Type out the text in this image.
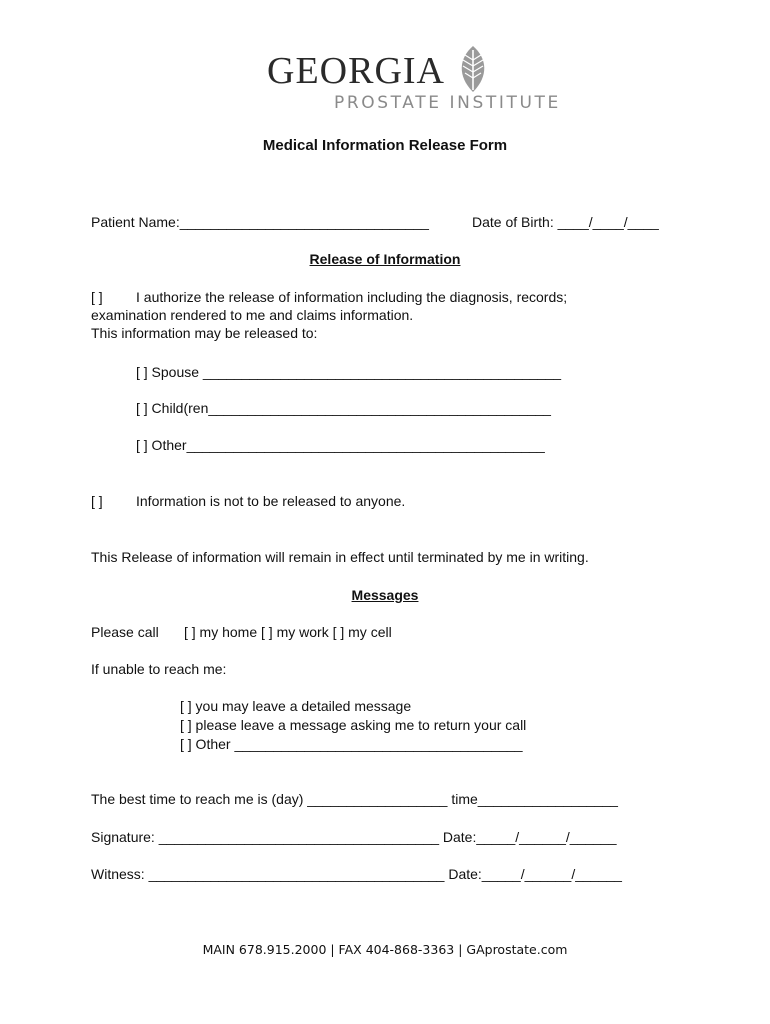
GEORGIA
PROSTATE INSTITUTE
Medical Information Release Form
Patient Name:________________________________	Date of Birth: ____/____/____
Release of Information
[ ] I authorize the release of information including the diagnosis, records;
examination rendered to me and claims information.
This information may be released to:
[ ] Spouse ______________________________________________
[ ] Child(ren____________________________________________
[ ] Other______________________________________________
[ ] Information is not to be released to anyone.
This Release of information will remain in effect until terminated by me in writing.
Messages
Please call [ ] my home [ ] my work [ ] my cell
If unable to reach me:
[ ] you may leave a detailed message
[ ] please leave a message asking me to return your call
[ ] Other _____________________________________
The best time to reach me is (day) __________________ time__________________
Signature: ____________________________________ Date:_____/______/______
Witness: ______________________________________ Date:_____/______/______
MAIN 678.915.2000 | FAX 404-868-3363 | GAprostate.com
